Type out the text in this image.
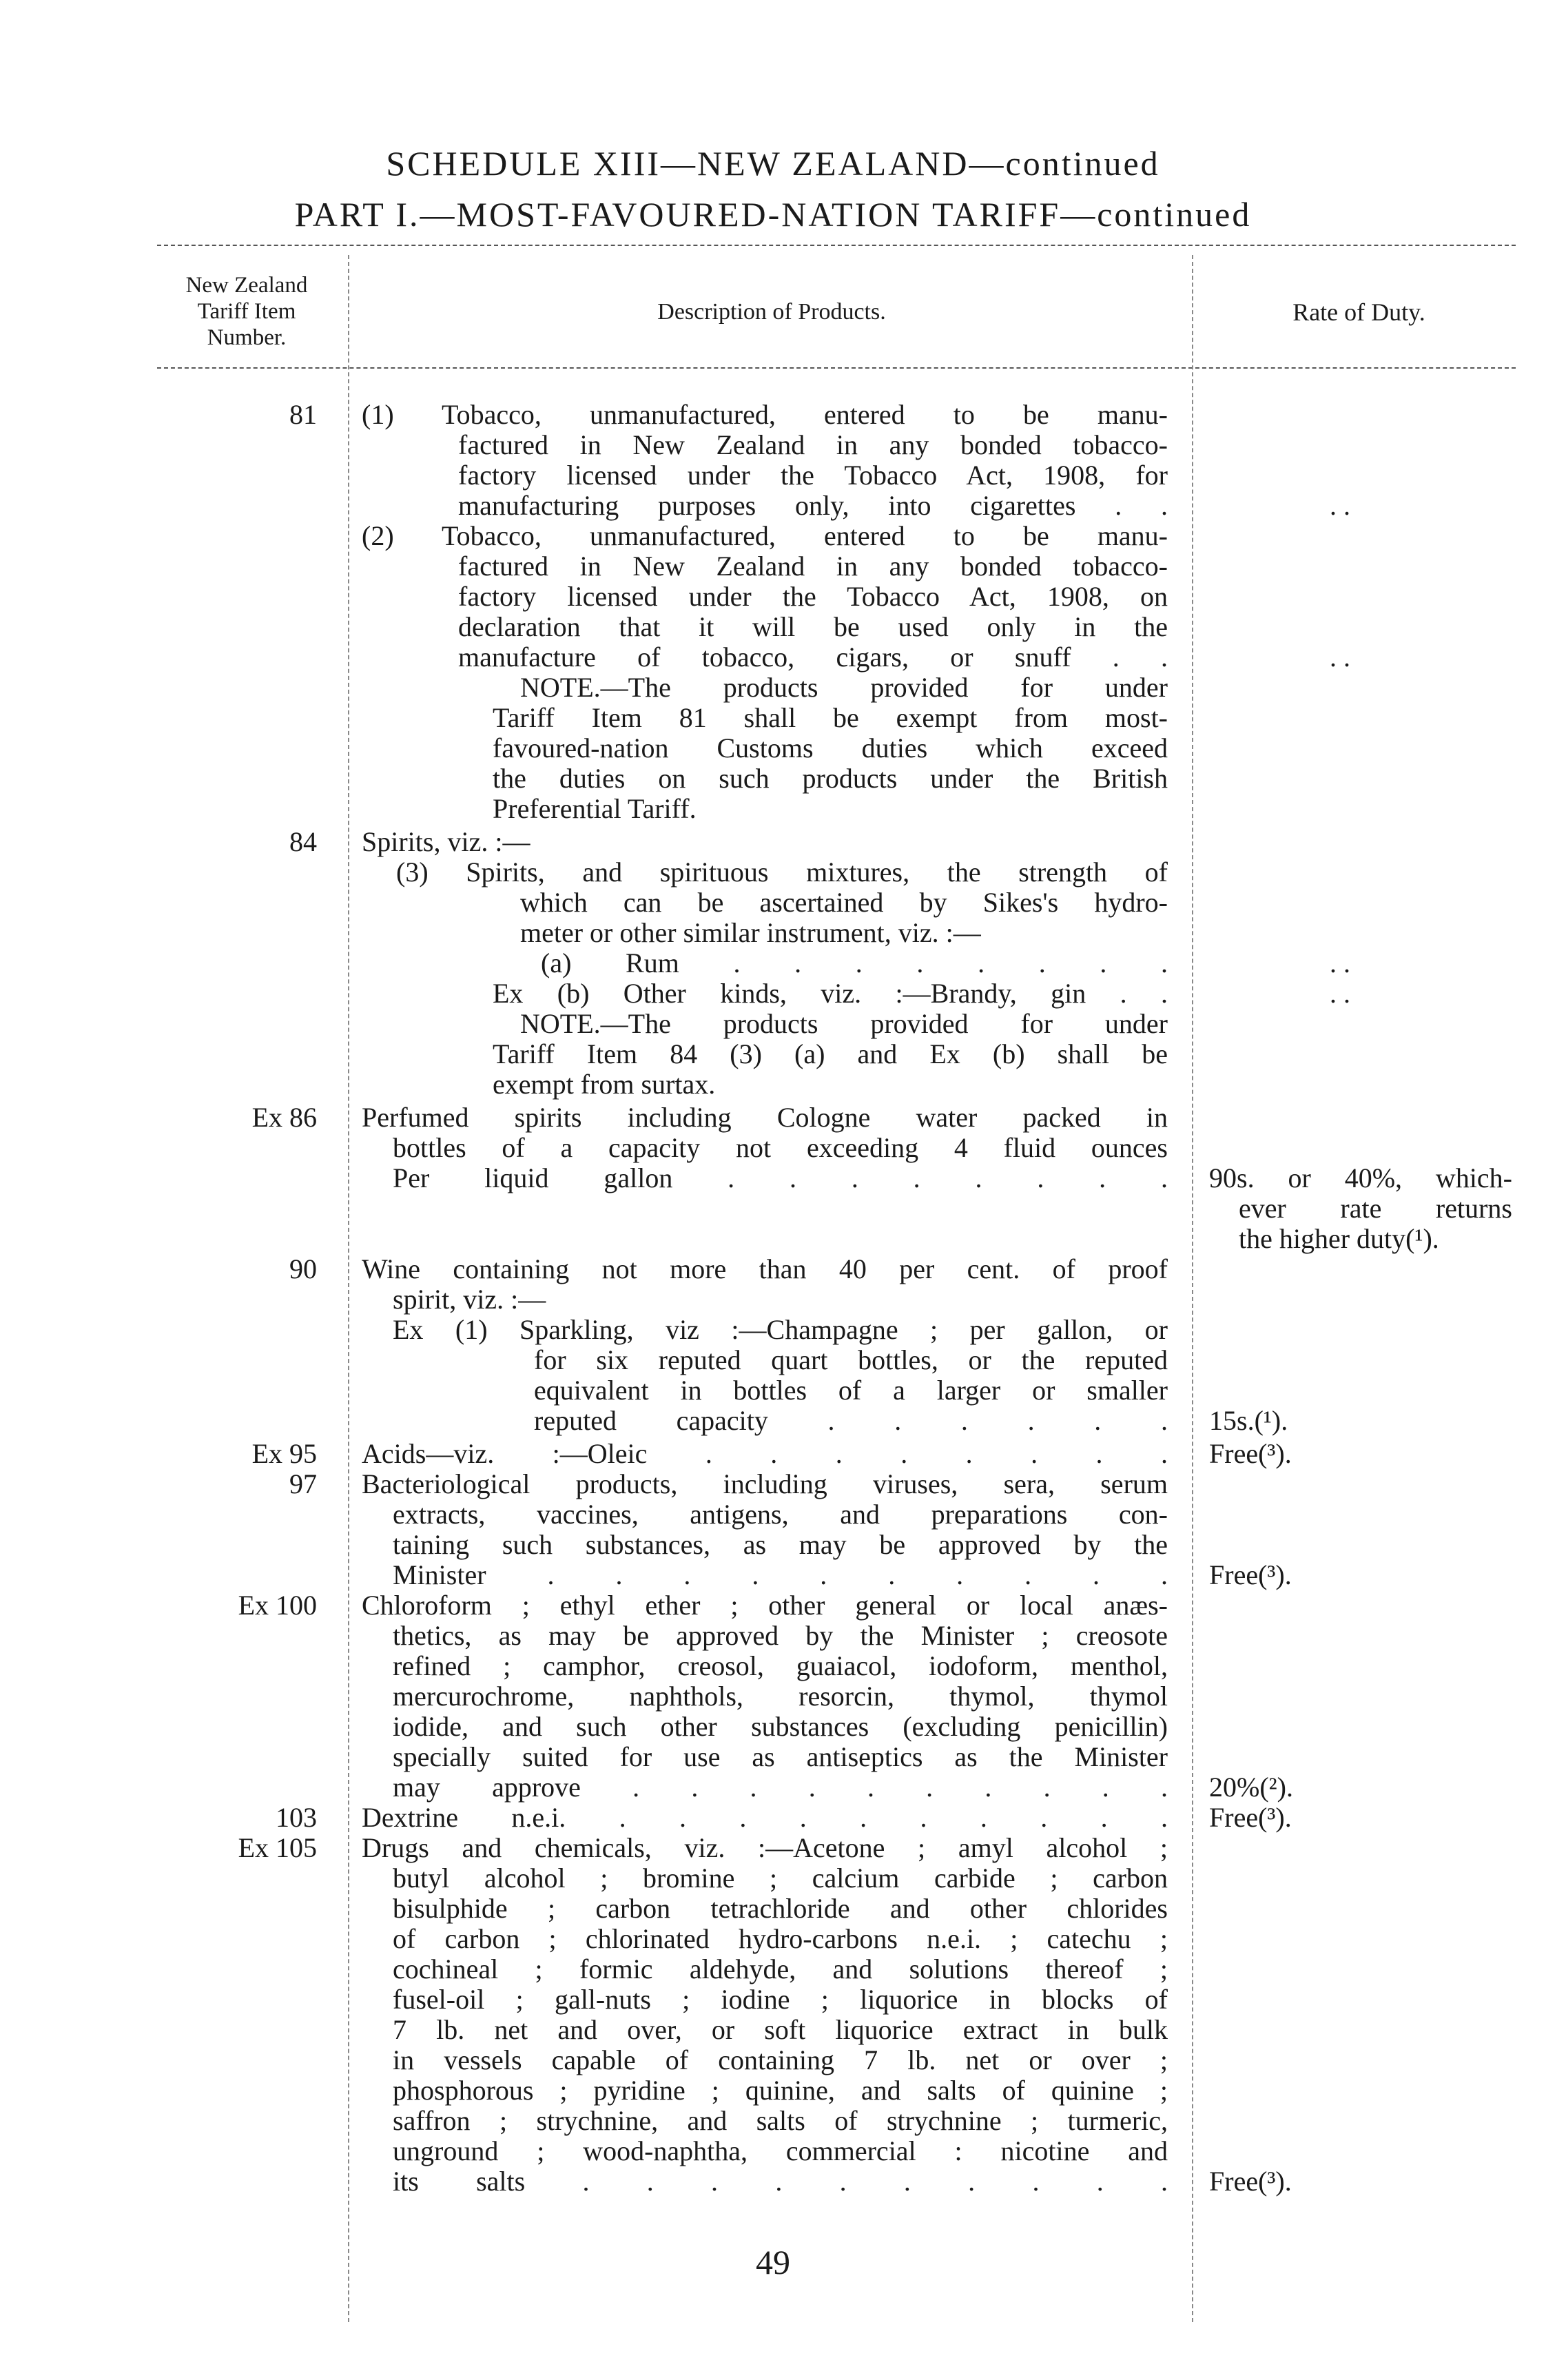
SCHEDULE XIII—NEW ZEALAND—continued
PART I.—MOST-FAVOURED-NATION TARIFF—continued
New Zealand
Tariff Item
Number.
Description of Products.	Rate of Duty.
81
84
Ex 86
90
Ex 95
97
Ex 100
103
Ex 105
(1) Tobacco, unmanufactured, entered to be manu-
factured in New Zealand in any bonded tobacco-
factory licensed under the Tobacco Act, 1908, for
manufacturing purposes only, into cigarettes . .
(2) Tobacco, unmanufactured, entered to be manu-
factured in New Zealand in any bonded tobacco-
factory licensed under the Tobacco Act, 1908, on
declaration that it will be used only in the
manufacture of tobacco, cigars, or snuff . .
NOTE.—The products provided for under
Tariff Item 81 shall be exempt from most-
favoured-nation Customs duties which exceed
the duties on such products under the British
Preferential Tariff.
Spirits, viz. :—
(3) Spirits, and spirituous mixtures, the strength of
which can be ascertained by Sikes's hydro-
meter or other similar instrument, viz. :—
(a) Rum . . . . . . . .
Ex (b) Other kinds, viz. :—Brandy, gin . .
NOTE.—The products provided for under
Tariff Item 84 (3) (a) and Ex (b) shall be
exempt from surtax.
Perfumed spirits including Cologne water packed in
bottles of a capacity not exceeding 4 fluid ounces
Per liquid gallon . . . . . . . .
Wine containing not more than 40 per cent. of proof
spirit, viz. :—
Ex (1) Sparkling, viz :—Champagne ; per gallon, or
for six reputed quart bottles, or the reputed
equivalent in bottles of a larger or smaller
reputed capacity . . . . . .
Acids—viz. :—Oleic . . . . . . . .
Bacteriological products, including viruses, sera, serum
extracts, vaccines, antigens, and preparations con-
taining such substances, as may be approved by the
Minister . . . . . . . . . .
Chloroform ; ethyl ether ; other general or local anæs-
thetics, as may be approved by the Minister ; creosote
refined ; camphor, creosol, guaiacol, iodoform, menthol,
mercurochrome, naphthols, resorcin, thymol, thymol
iodide, and such other substances (excluding penicillin)
specially suited for use as antiseptics as the Minister
may approve . . . . . . . . . .
Dextrine n.e.i. . . . . . . . . . .
Drugs and chemicals, viz. :—Acetone ; amyl alcohol ;
butyl alcohol ; bromine ; calcium carbide ; carbon
bisulphide ; carbon tetrachloride and other chlorides
of carbon ; chlorinated hydro-carbons n.e.i. ; catechu ;
cochineal ; formic aldehyde, and solutions thereof ;
fusel-oil ; gall-nuts ; iodine ; liquorice in blocks of
7 lb. net and over, or soft liquorice extract in bulk
in vessels capable of containing 7 lb. net or over ;
phosphorous ; pyridine ; quinine, and salts of quinine ;
saffron ; strychnine, and salts of strychnine ; turmeric,
unground ; wood-naphtha, commercial : nicotine and
its salts . . . . . . . . . .
. .
. .
. .
. .
90s. or 40%, which-
ever rate returns
the higher duty(¹).
15s.(¹).
Free(³).
Free(³).
20%(²).
Free(³).
Free(³).
49
